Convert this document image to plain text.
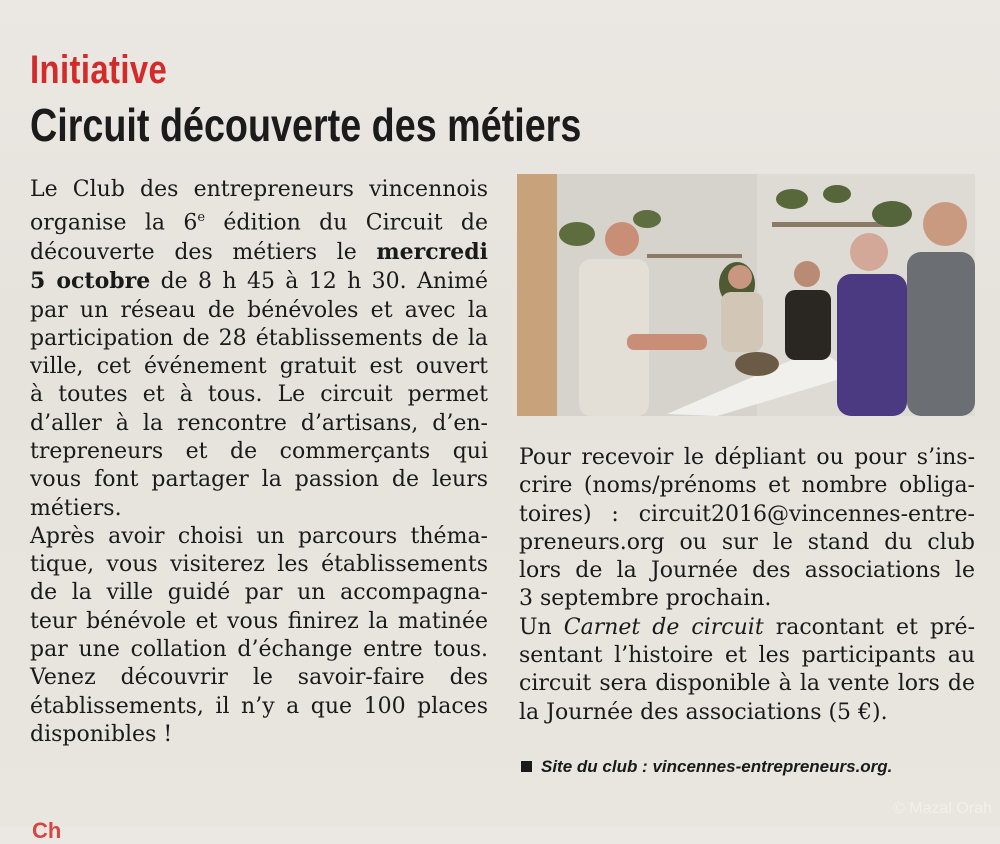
Initiative
Circuit découverte des métiers

Le Club des entrepreneurs vincennois
organise la 6e édition du Circuit de
découverte des métiers le mercredi
5 octobre de 8 h 45 à 12 h 30. Animé
par un réseau de bénévoles et avec la
participation de 28 établissements de la
ville, cet événement gratuit est ouvert
à toutes et à tous. Le circuit permet
d’aller à la rencontre d’artisans, d’en-
trepreneurs et de commerçants qui
vous font partager la passion de leurs
métiers.

Après avoir choisi un parcours théma-
tique, vous visiterez les établissements
de la ville guidé par un accompagna-
teur bénévole et vous finirez la matinée
par une collation d’échange entre tous.
Venez découvrir le savoir-faire des
établissements, il n’y a que 100 places
disponibles !

Pour recevoir le dépliant ou pour s’ins-
crire (noms/prénoms et nombre obliga-
toires) : circuit2016@vincennes-entre-
preneurs.org ou sur le stand du club
lors de la Journée des associations le
3 septembre prochain.

Un Carnet de circuit racontant et pré-
sentant l’histoire et les participants au
circuit sera disponible à la vente lors de
la Journée des associations (5 €).

Site du club : vincennes-entrepreneurs.org.
Ch
© Mazal Orah
